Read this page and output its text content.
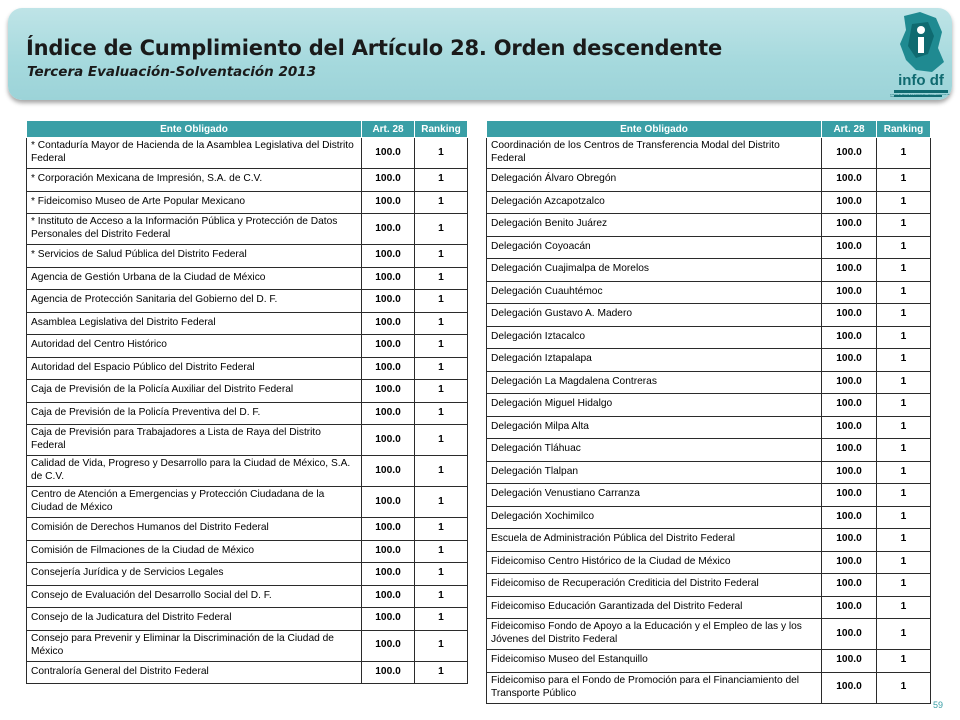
Índice de Cumplimiento del Artículo 28. Orden descendente
Tercera Evaluación-Solventación 2013	info df
Instituto de Acceso a la Información Pública y Protección de Datos Personales del Distrito Federal
Ente Obligado	Art. 28	Ranking
* Contaduría Mayor de Hacienda de la Asamblea Legislativa del Distrito Federal	100.0	1
* Corporación Mexicana de Impresión, S.A. de C.V.	100.0	1
* Fideicomiso Museo de Arte Popular Mexicano	100.0	1
* Instituto de Acceso a la Información Pública y Protección de Datos Personales del Distrito Federal	100.0	1
* Servicios de Salud Pública del Distrito Federal	100.0	1
Agencia de Gestión Urbana de la Ciudad de México	100.0	1
Agencia de Protección Sanitaria del Gobierno del D. F.	100.0	1
Asamblea Legislativa del Distrito Federal	100.0	1
Autoridad del Centro Histórico	100.0	1
Autoridad del Espacio Público del Distrito Federal	100.0	1
Caja de Previsión de la Policía Auxiliar del Distrito Federal	100.0	1
Caja de Previsión de la Policía Preventiva del D. F.	100.0	1
Caja de Previsión para Trabajadores a Lista de Raya del Distrito Federal	100.0	1
Calidad de Vida, Progreso y Desarrollo para la Ciudad de México, S.A. de C.V.	100.0	1
Centro de Atención a Emergencias y Protección Ciudadana de la Ciudad de México	100.0	1
Comisión de Derechos Humanos del Distrito Federal	100.0	1
Comisión de Filmaciones de la Ciudad de México	100.0	1
Consejería Jurídica y de Servicios Legales	100.0	1
Consejo de Evaluación del Desarrollo Social del D. F.	100.0	1
Consejo de la Judicatura del Distrito Federal	100.0	1
Consejo para Prevenir y Eliminar la Discriminación de la Ciudad de México	100.0	1
Contraloría General del Distrito Federal	100.0	1
Ente Obligado	Art. 28	Ranking
Coordinación de los Centros de Transferencia Modal del Distrito Federal	100.0	1
Delegación Álvaro Obregón	100.0	1
Delegación Azcapotzalco	100.0	1
Delegación Benito Juárez	100.0	1
Delegación Coyoacán	100.0	1
Delegación Cuajimalpa de Morelos	100.0	1
Delegación Cuauhtémoc	100.0	1
Delegación Gustavo A. Madero	100.0	1
Delegación Iztacalco	100.0	1
Delegación Iztapalapa	100.0	1
Delegación La Magdalena Contreras	100.0	1
Delegación Miguel Hidalgo	100.0	1
Delegación Milpa Alta	100.0	1
Delegación Tláhuac	100.0	1
Delegación Tlalpan	100.0	1
Delegación Venustiano Carranza	100.0	1
Delegación Xochimilco	100.0	1
Escuela de Administración Pública del Distrito Federal	100.0	1
Fideicomiso Centro Histórico de la Ciudad de México	100.0	1
Fideicomiso de Recuperación Crediticia del Distrito Federal	100.0	1
Fideicomiso Educación Garantizada del Distrito Federal	100.0	1
Fideicomiso Fondo de Apoyo a la Educación y el Empleo de las y los Jóvenes del Distrito Federal	100.0	1
Fideicomiso Museo del Estanquillo	100.0	1
Fideicomiso para el Fondo de Promoción para el Financiamiento del Transporte Público	100.0	1
59
